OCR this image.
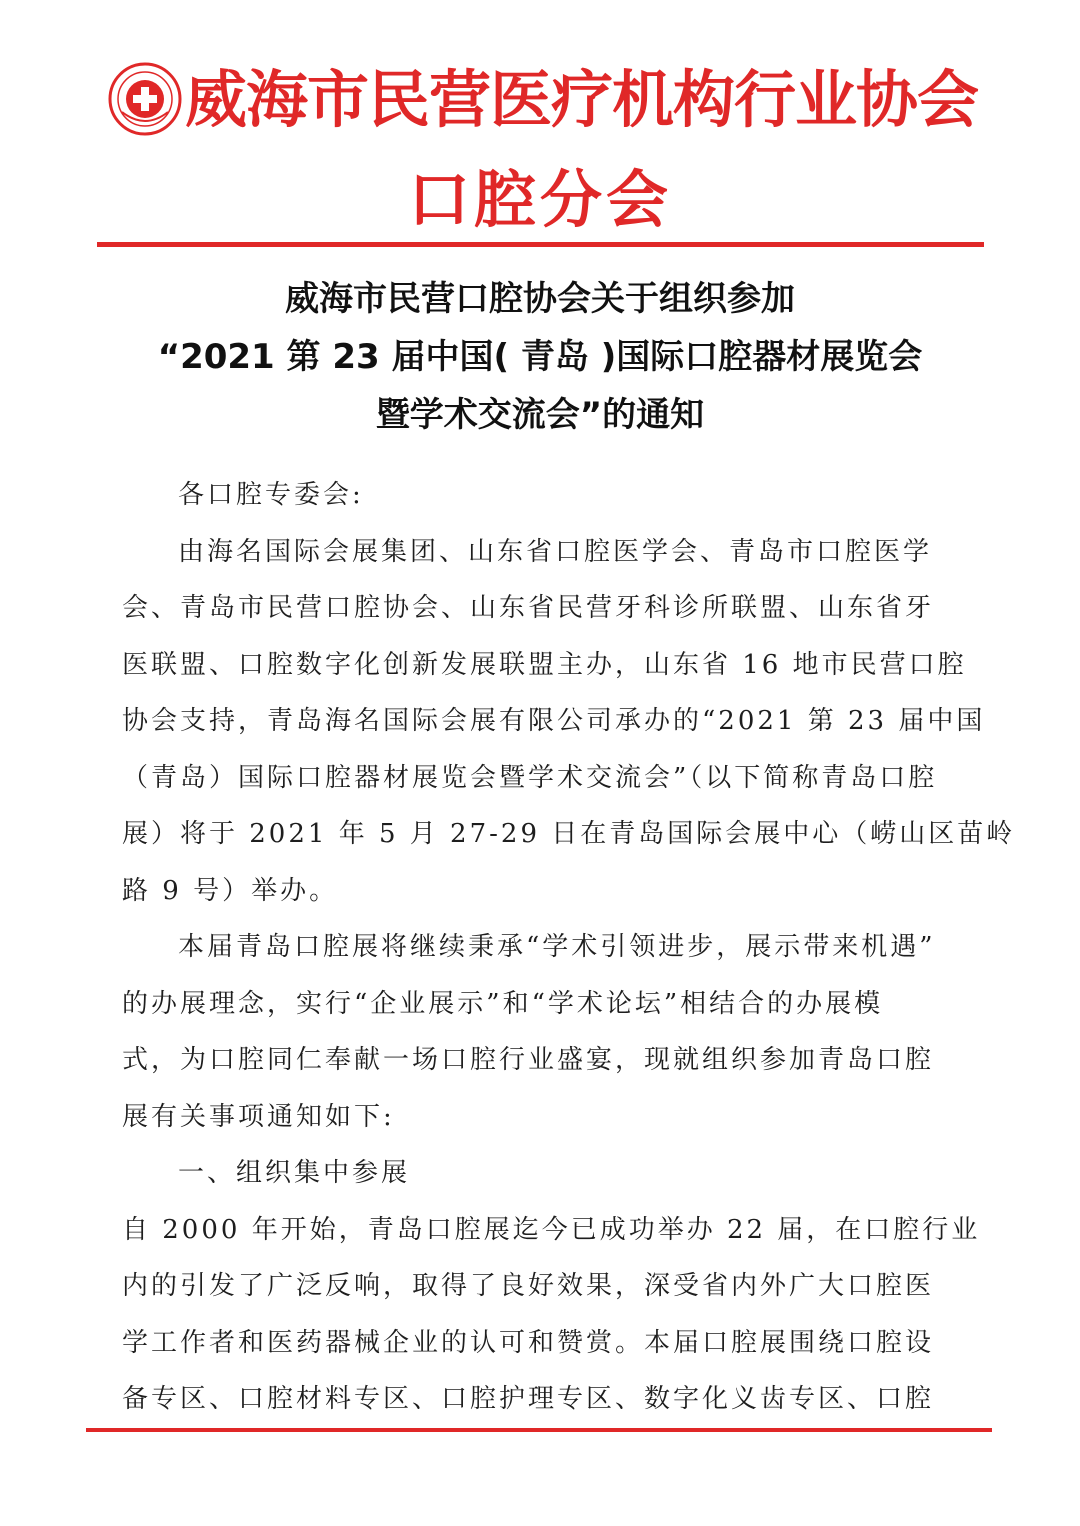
威海市民营医疗机构行业协会
口腔分会
威海市民营口腔协会关于组织参加
“2021 第 23 届中国( 青岛 )国际口腔器材展览会
暨学术交流会”的通知
各口腔专委会:
由海名国际会展集团、山东省口腔医学会、青岛市口腔医学
会、青岛市民营口腔协会、山东省民营牙科诊所联盟、山东省牙
医联盟、口腔数字化创新发展联盟主办，山东省 16 地市民营口腔
协会支持，青岛海名国际会展有限公司承办的“2021 第 23 届中国
（青岛）国际口腔器材展览会暨学术交流会”（以下简称青岛口腔
展）将于 2021 年 5 月 27-29 日在青岛国际会展中心（崂山区苗岭
路 9 号）举办。
本届青岛口腔展将继续秉承“学术引领进步，展示带来机遇”
的办展理念，实行“企业展示”和“学术论坛”相结合的办展模
式，为口腔同仁奉献一场口腔行业盛宴，现就组织参加青岛口腔
展有关事项通知如下:
一、组织集中参展
自 2000 年开始，青岛口腔展迄今已成功举办 22 届，在口腔行业
内的引发了广泛反响，取得了良好效果，深受省内外广大口腔医
学工作者和医药器械企业的认可和赞赏。本届口腔展围绕口腔设
备专区、口腔材料专区、口腔护理专区、数字化义齿专区、口腔
